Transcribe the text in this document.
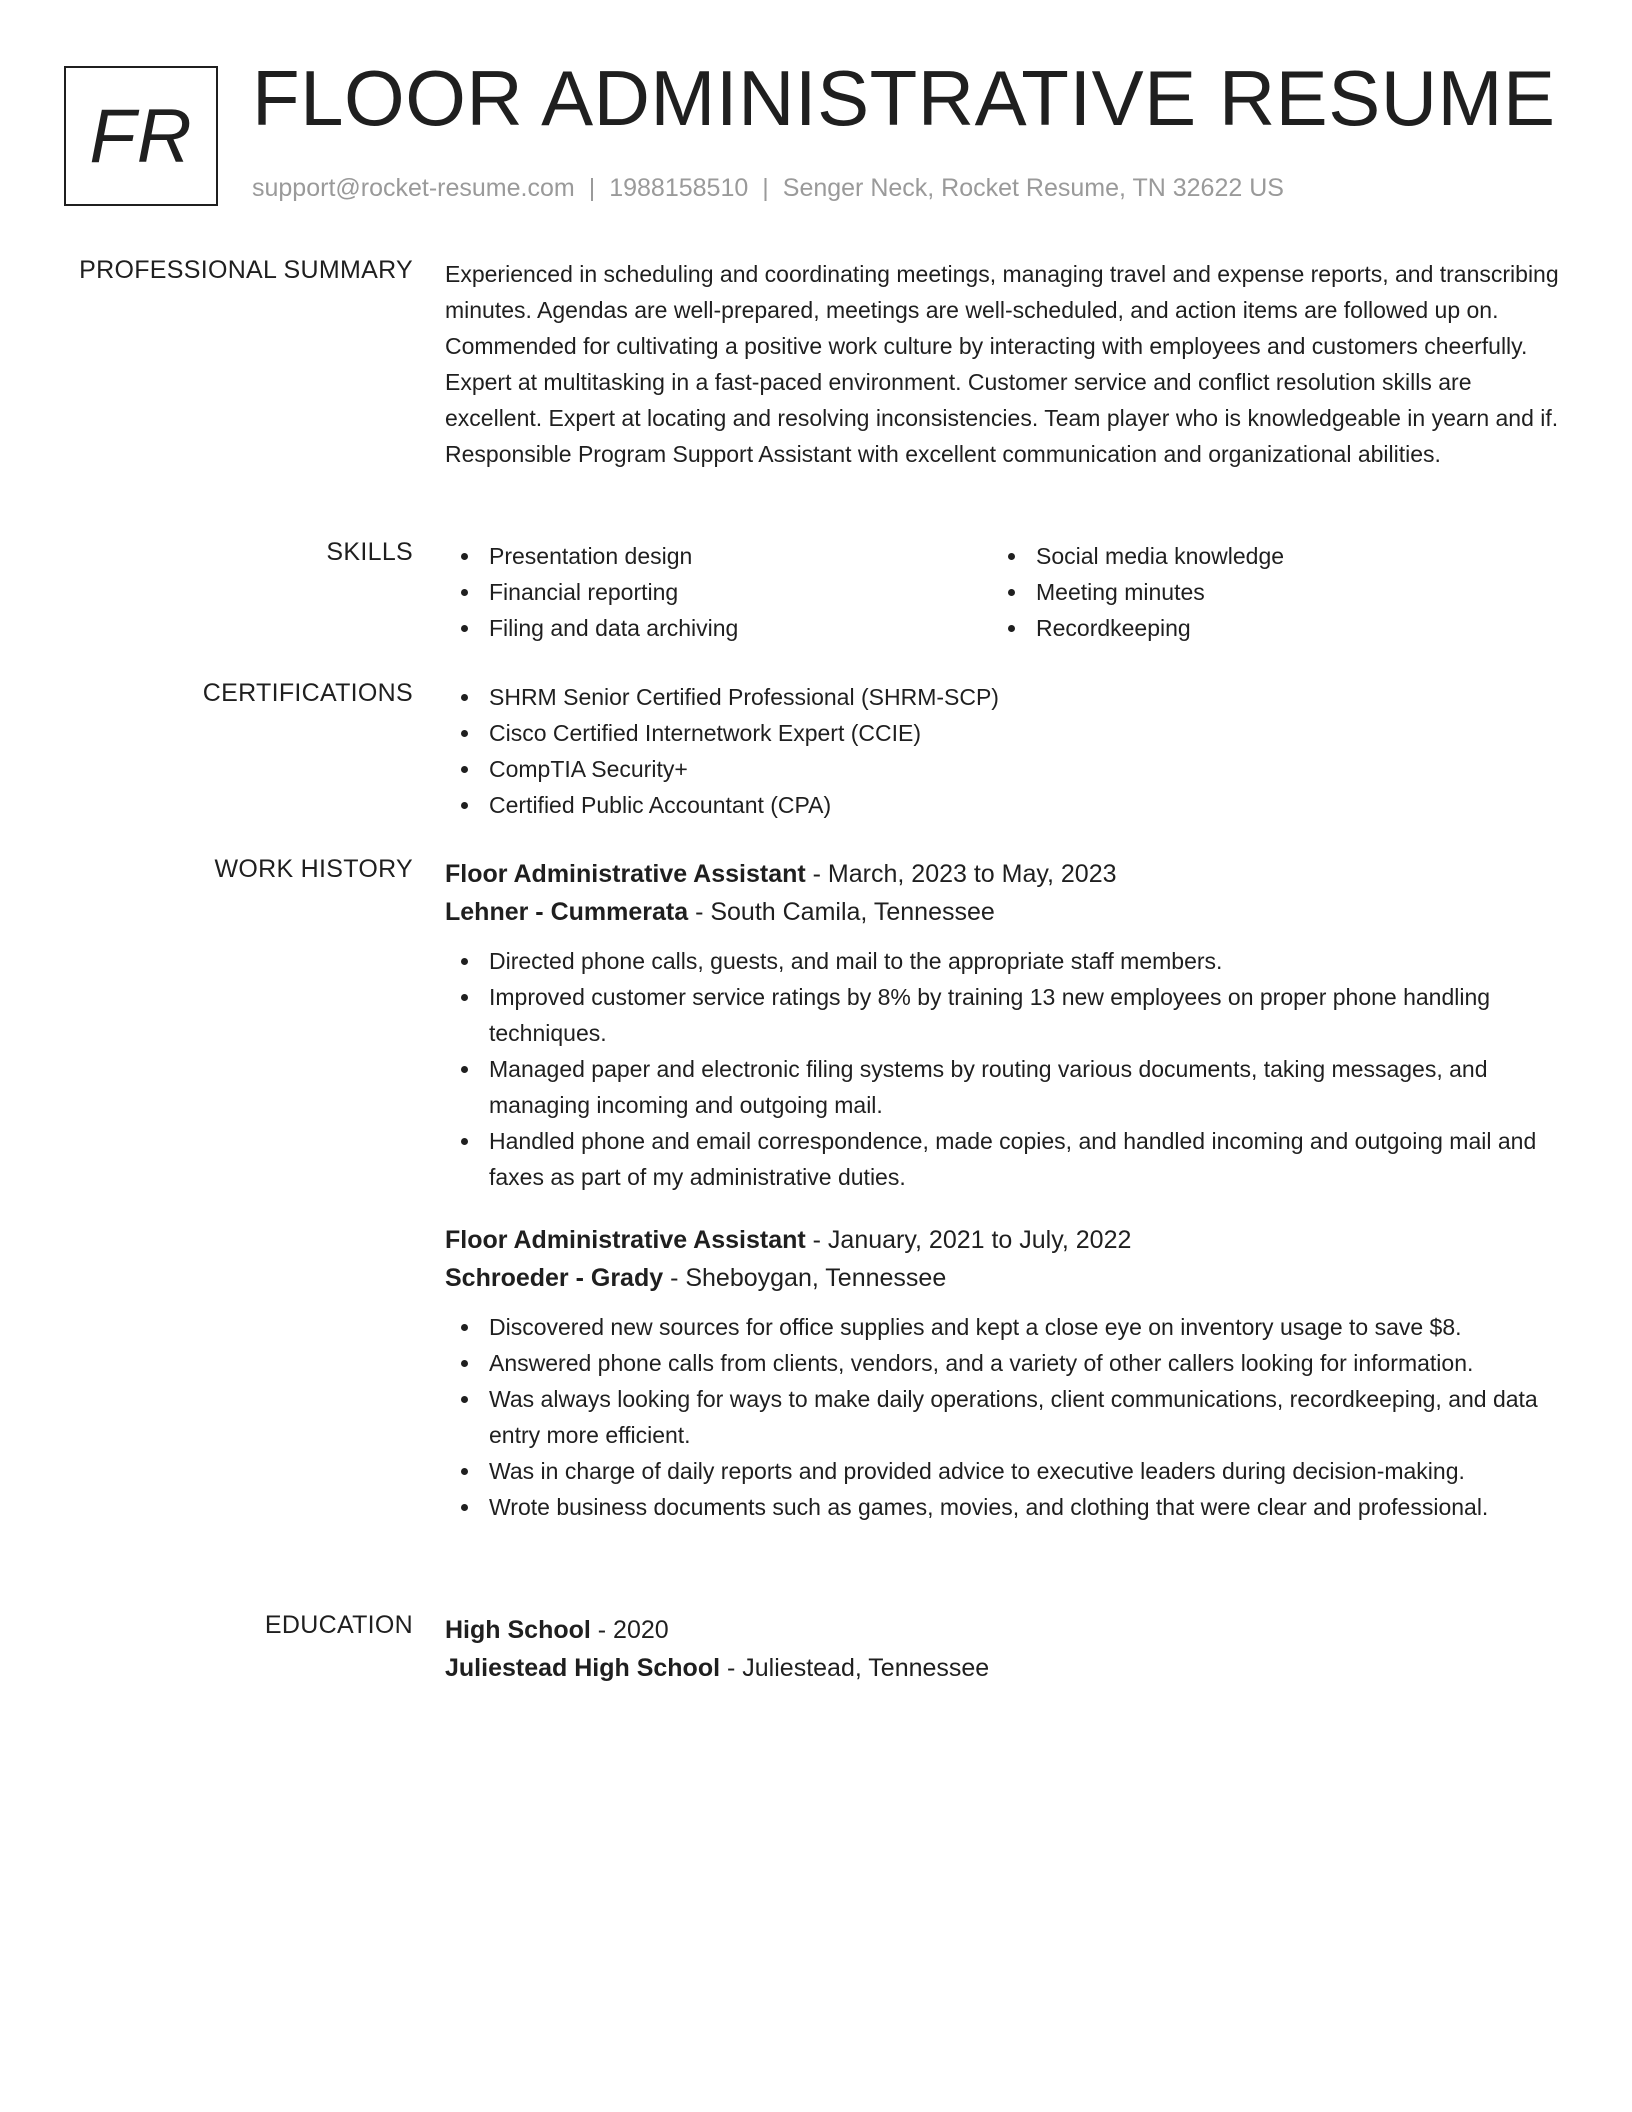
FR FLOOR ADMINISTRATIVE RESUME
support@rocket-resume.com | 1988158510 | Senger Neck, Rocket Resume, TN 32622 US
PROFESSIONAL SUMMARY Experienced in scheduling and coordinating meetings, managing travel and expense reports, and transcribing minutes. Agendas are well-prepared, meetings are well-scheduled, and action items are followed up on. Commended for cultivating a positive work culture by interacting with employees and customers cheerfully. Expert at multitasking in a fast-paced environment. Customer service and conflict resolution skills are excellent. Expert at locating and resolving inconsistencies. Team player who is knowledgeable in yearn and if. Responsible Program Support Assistant with excellent communication and organizational abilities.

SKILLS	Presentation design
Financial reporting
Filing and data archiving
Social media knowledge
Meeting minutes
Recordkeeping
CERTIFICATIONS	SHRM Senior Certified Professional (SHRM-SCP)
Cisco Certified Internetwork Expert (CCIE)
CompTIA Security+
Certified Public Accountant (CPA)
WORK HISTORY Floor Administrative Assistant - March, 2023 to May, 2023
Lehner - Cummerata - South Camila, Tennessee
Directed phone calls, guests, and mail to the appropriate staff members.
Improved customer service ratings by 8% by training 13 new employees on proper phone handling techniques.
Managed paper and electronic filing systems by routing various documents, taking messages, and managing incoming and outgoing mail.
Handled phone and email correspondence, made copies, and handled incoming and outgoing mail and faxes as part of my administrative duties.
Floor Administrative Assistant - January, 2021 to July, 2022
Schroeder - Grady - Sheboygan, Tennessee
Discovered new sources for office supplies and kept a close eye on inventory usage to save $8.
Answered phone calls from clients, vendors, and a variety of other callers looking for information.
Was always looking for ways to make daily operations, client communications, recordkeeping, and data entry more efficient.
Was in charge of daily reports and provided advice to executive leaders during decision-making.
Wrote business documents such as games, movies, and clothing that were clear and professional.
EDUCATION High School - 2020
Juliestead High School - Juliestead, Tennessee
